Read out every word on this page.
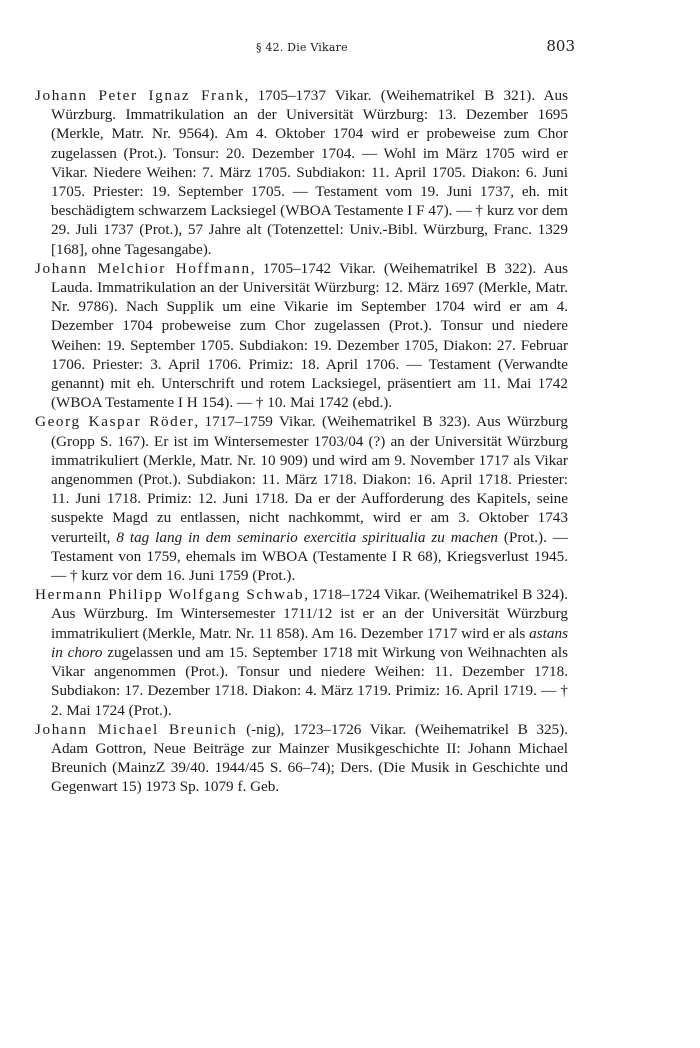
§ 42. Die Vikare	803

Johann Peter Ignaz Frank, 1705–1737 Vikar. (Weihematrikel B 321). Aus Würzburg. Immatrikulation an der Universität Würzburg: 13. Dezember 1695 (Merkle, Matr. Nr. 9564). Am 4. Oktober 1704 wird er probeweise zum Chor zugelassen (Prot.). Tonsur: 20. Dezember 1704. — Wohl im März 1705 wird er Vikar. Niedere Weihen: 7. März 1705. Subdiakon: 11. April 1705. Diakon: 6. Juni 1705. Priester: 19. September 1705. — Testament vom 19. Juni 1737, eh. mit beschädigtem schwarzem Lacksiegel (WBOA Testamente I F 47). — † kurz vor dem 29. Juli 1737 (Prot.), 57 Jahre alt (Totenzettel: Univ.-Bibl. Würzburg, Franc. 1329 [168], ohne Tagesangabe).

Johann Melchior Hoffmann, 1705–1742 Vikar. (Weihematrikel B 322). Aus Lauda. Immatrikulation an der Universität Würzburg: 12. März 1697 (Merkle, Matr. Nr. 9786). Nach Supplik um eine Vikarie im September 1704 wird er am 4. Dezember 1704 probeweise zum Chor zugelassen (Prot.). Tonsur und niedere Weihen: 19. September 1705. Subdiakon: 19. Dezember 1705, Diakon: 27. Februar 1706. Priester: 3. April 1706. Primiz: 18. April 1706. — Testament (Verwandte genannt) mit eh. Unterschrift und rotem Lacksiegel, präsentiert am 11. Mai 1742 (WBOA Testamente I H 154). — † 10. Mai 1742 (ebd.).

Georg Kaspar Röder, 1717–1759 Vikar. (Weihematrikel B 323). Aus Würzburg (Gropp S. 167). Er ist im Wintersemester 1703/04 (?) an der Universität Würzburg immatrikuliert (Merkle, Matr. Nr. 10 909) und wird am 9. November 1717 als Vikar angenommen (Prot.). Subdiakon: 11. März 1718. Diakon: 16. April 1718. Priester: 11. Juni 1718. Primiz: 12. Juni 1718. Da er der Aufforderung des Kapitels, seine suspekte Magd zu entlassen, nicht nachkommt, wird er am 3. Oktober 1743 verurteilt, 8 tag lang in dem seminario exercitia spiritualia zu machen (Prot.). — Testament von 1759, ehemals im WBOA (Testamente I R 68), Kriegsverlust 1945. — † kurz vor dem 16. Juni 1759 (Prot.).

Hermann Philipp Wolfgang Schwab, 1718–1724 Vikar. (Weihematrikel B 324). Aus Würzburg. Im Wintersemester 1711/12 ist er an der Universität Würzburg immatrikuliert (Merkle, Matr. Nr. 11 858). Am 16. Dezember 1717 wird er als astans in choro zugelassen und am 15. September 1718 mit Wirkung von Weihnachten als Vikar angenommen (Prot.). Tonsur und niedere Weihen: 11. Dezember 1718. Subdiakon: 17. Dezember 1718. Diakon: 4. März 1719. Primiz: 16. April 1719. — † 2. Mai 1724 (Prot.).

Johann Michael Breunich (-nig), 1723–1726 Vikar. (Weihematrikel B 325). Adam Gottron, Neue Beiträge zur Mainzer Musikgeschichte II: Johann Michael Breunich (MainzZ 39/40. 1944/45 S. 66–74); Ders. (Die Musik in Geschichte und Gegenwart 15) 1973 Sp. 1079 f. Geb.
